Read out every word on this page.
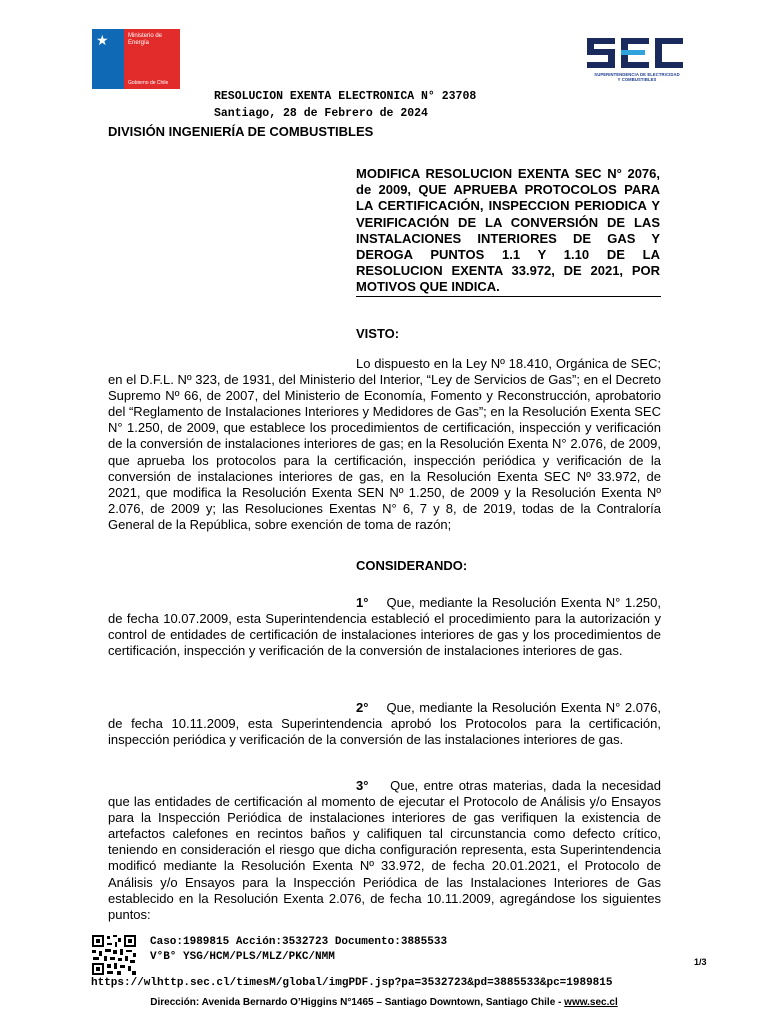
★	Ministerio de
Energía
Gobierno de Chile
SUPERINTENDENCIA DE ELECTRICIDAD
Y COMBUSTIBLES
RESOLUCION EXENTA ELECTRONICA N° 23708
Santiago, 28 de Febrero de 2024
DIVISIÓN INGENIERÍA DE COMBUSTIBLES
MODIFICA RESOLUCION EXENTA SEC N° 2076, de 2009, QUE APRUEBA PROTOCOLOS PARA LA CERTIFICACIÓN, INSPECCION PERIODICA Y VERIFICACIÓN DE LA CONVERSIÓN DE LAS INSTALACIONES INTERIORES DE GAS Y DEROGA PUNTOS 1.1 Y 1.10 DE LA RESOLUCION EXENTA 33.972, DE 2021, POR MOTIVOS QUE INDICA.
VISTO:
Lo dispuesto en la Ley Nº 18.410, Orgánica de SEC; en el D.F.L. Nº 323, de 1931, del Ministerio del Interior, “Ley de Servicios de Gas”; en el Decreto Supremo Nº 66, de 2007, del Ministerio de Economía, Fomento y Reconstrucción, aprobatorio del “Reglamento de Instalaciones Interiores y Medidores de Gas”; en la Resolución Exenta SEC N° 1.250, de 2009, que establece los procedimientos de certificación, inspección y verificación de la conversión de instalaciones interiores de gas; en la Resolución Exenta N° 2.076, de 2009, que aprueba los protocolos para la certificación, inspección periódica y verificación de la conversión de instalaciones interiores de gas, en la Resolución Exenta SEC Nº 33.972, de 2021, que modifica la Resolución Exenta SEN Nº 1.250, de 2009 y la Resolución Exenta Nº 2.076, de 2009 y; las Resoluciones Exentas N° 6, 7 y 8, de 2019, todas de la Contraloría General de la República, sobre exención de toma de razón;
CONSIDERANDO:
1° Que, mediante la Resolución Exenta N° 1.250, de fecha 10.07.2009, esta Superintendencia estableció el procedimiento para la autorización y control de entidades de certificación de instalaciones interiores de gas y los procedimientos de certificación, inspección y verificación de la conversión de instalaciones interiores de gas.
2° Que, mediante la Resolución Exenta N° 2.076, de fecha 10.11.2009, esta Superintendencia aprobó los Protocolos para la certificación, inspección periódica y verificación de la conversión de las instalaciones interiores de gas.
3° Que, entre otras materias, dada la necesidad que las entidades de certificación al momento de ejecutar el Protocolo de Análisis y/o Ensayos para la Inspección Periódica de instalaciones interiores de gas verifiquen la existencia de artefactos calefones en recintos baños y califiquen tal circunstancia como defecto crítico, teniendo en consideración el riesgo que dicha configuración representa, esta Superintendencia modificó mediante la Resolución Exenta Nº 33.972, de fecha 20.01.2021, el Protocolo de Análisis y/o Ensayos para la Inspección Periódica de las Instalaciones Interiores de Gas establecido en la Resolución Exenta 2.076, de fecha 10.11.2009, agregándose los siguientes puntos:
Caso:1989815 Acción:3532723 Documento:3885533
V°B° YSG/HCM/PLS/MLZ/PKC/NMM	1/3
https://wlhttp.sec.cl/timesM/global/imgPDF.jsp?pa=3532723&pd=3885533&pc=1989815
Dirección: Avenida Bernardo O’Higgins N°1465 – Santiago Downtown, Santiago Chile - www.sec.cl
